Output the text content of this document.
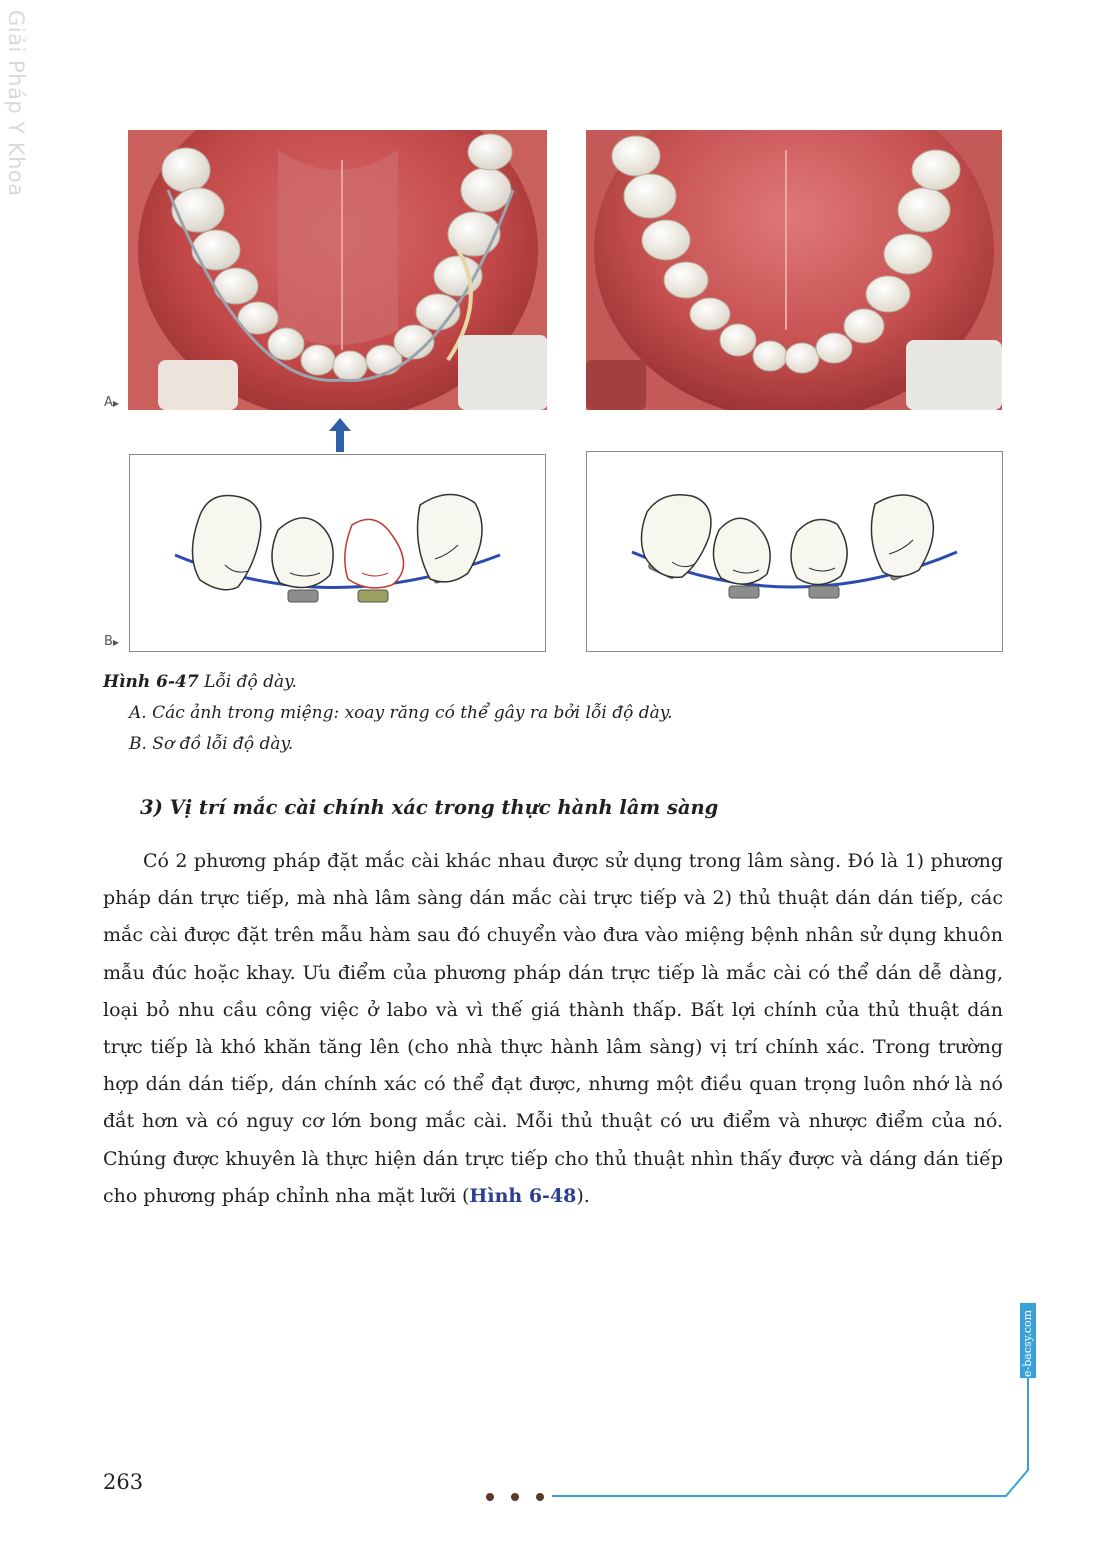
Giải Pháp Y Khoa
A▶
B▶
Hình 6-47 Lỗi độ dày.
A. Các ảnh trong miệng: xoay răng có thể gây ra bởi lỗi độ dày.
B. Sơ đồ lỗi độ dày.
3) Vị trí mắc cài chính xác trong thực hành lâm sàng
Có 2 phương pháp đặt mắc cài khác nhau được sử dụng trong lâm sàng. Đó là 1) phương pháp dán trực tiếp, mà nhà lâm sàng dán mắc cài trực tiếp và 2) thủ thuật dán dán tiếp, các mắc cài được đặt trên mẫu hàm sau đó chuyển vào đưa vào miệng bệnh nhân sử dụng khuôn mẫu đúc hoặc khay. Ưu điểm của phương pháp dán trực tiếp là mắc cài có thể dán dễ dàng, loại bỏ nhu cầu công việc ở labo và vì thế giá thành thấp. Bất lợi chính của thủ thuật dán trực tiếp là khó khăn tăng lên (cho nhà thực hành lâm sàng) vị trí chính xác. Trong trường hợp dán dán tiếp, dán chính xác có thể đạt được, nhưng một điều quan trọng luôn nhớ là nó đắt hơn và có nguy cơ lớn bong mắc cài. Mỗi thủ thuật có ưu điểm và nhược điểm của nó. Chúng được khuyên là thực hiện dán trực tiếp cho thủ thuật nhìn thấy được và dáng dán tiếp cho phương pháp chỉnh nha mặt lưỡi (Hình 6-48).
e-bacsy.com
263
